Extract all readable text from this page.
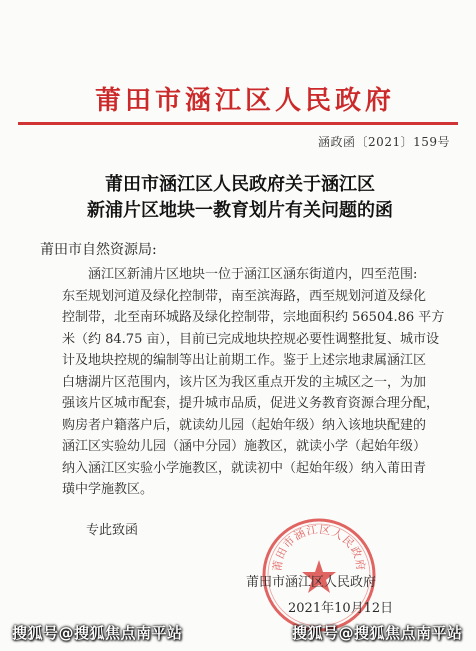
莆田市涵江区人民政府
涵政函〔2021〕159号
莆田市涵江区人民政府关于涵江区
新浦片区地块一教育划片有关问题的函
莆田市自然资源局:
涵江区新浦片区地块一位于涵江区涵东街道内，四至范围:
东至规划河道及绿化控制带，南至滨海路，西至规划河道及绿化
控制带，北至南环城路及绿化控制带，宗地面积约 56504.86 平方
米（约 84.75 亩），目前已完成地块控规必要性调整批复、城市设
计及地块控规的编制等出让前期工作。鉴于上述宗地隶属涵江区
白塘湖片区范围内，该片区为我区重点开发的主城区之一，为加
强该片区城市配套，提升城市品质，促进义务教育资源合理分配，
购房者户籍落户后，就读幼儿园（起始年级）纳入该地块配建的
涵江区实验幼儿园（涵中分园）施教区，就读小学（起始年级）
纳入涵江区实验小学施教区，就读初中（起始年级）纳入莆田青
璜中学施教区。
专此致函
莆田市涵江区人民政府
莆田市涵江区人民政府
2021年10月12日
搜狐号@搜狐焦点南平站	搜狐号@搜狐焦点南平站
